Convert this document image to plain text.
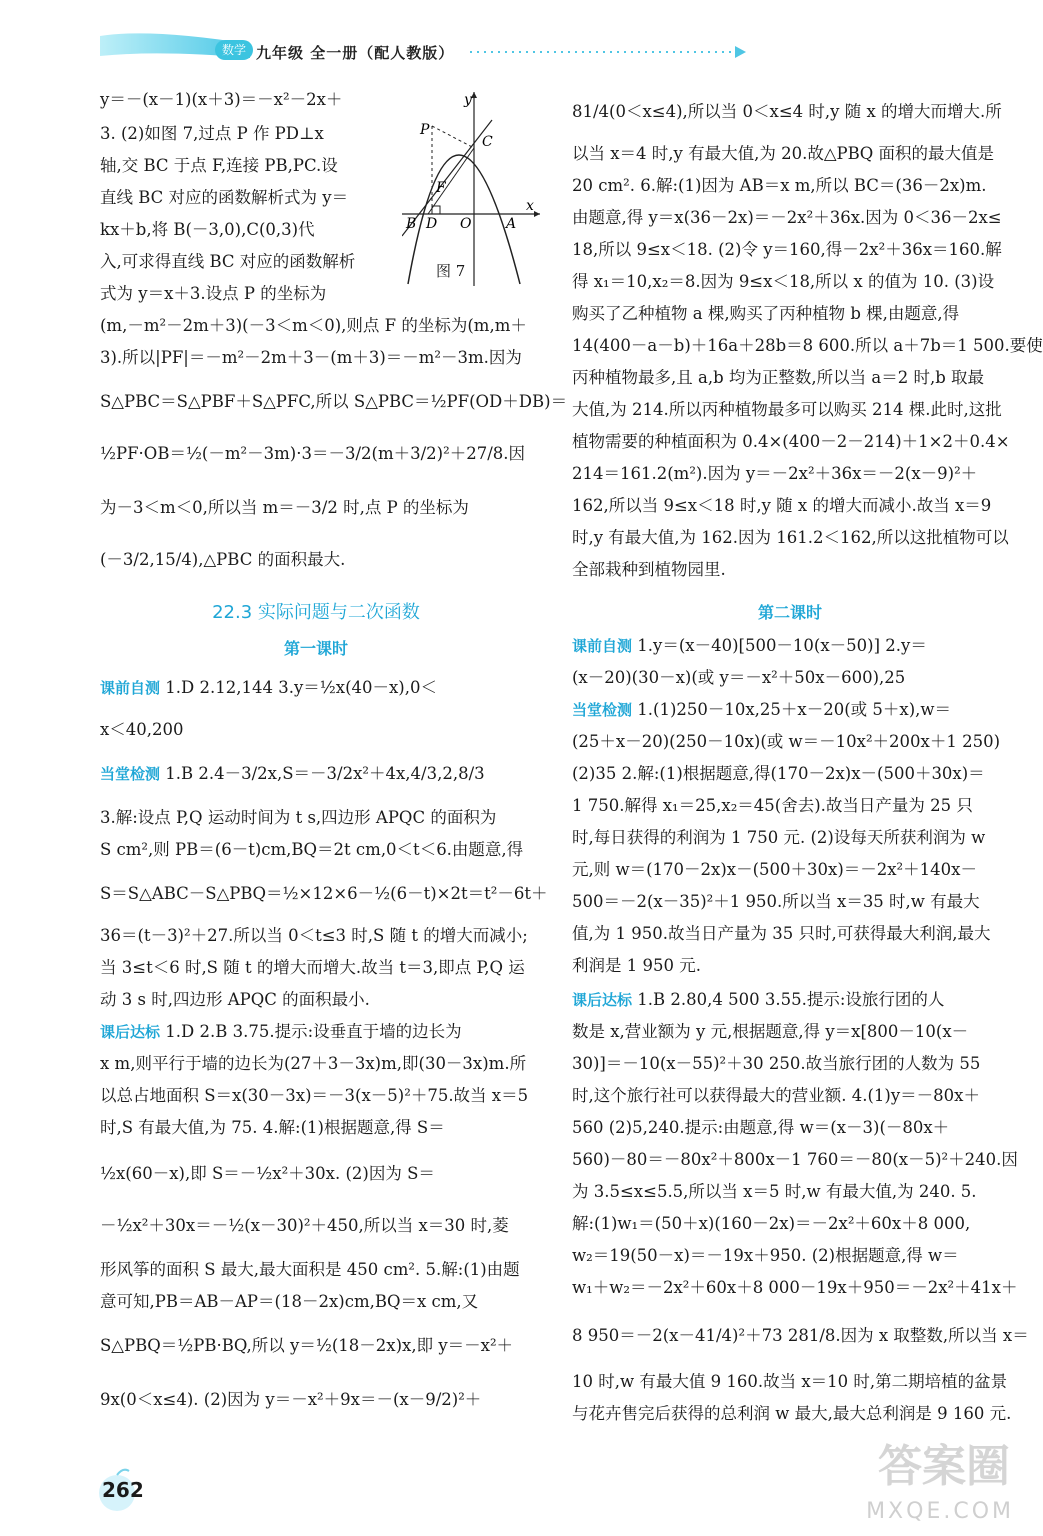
数学 九年级 全一册（配人教版）
y＝－(x－1)(x＋3)＝－x²－2x＋
3. (2)如图 7,过点 P 作 PD⊥x
轴,交 BC 于点 F,连接 PB,PC.设
直线 BC 对应的函数解析式为 y＝
kx＋b,将 B(－3,0),C(0,3)代
入,可求得直线 BC 对应的函数解析
式为 y＝x＋3.设点 P 的坐标为
(m,－m²－2m＋3)(－3＜m＜0),则点 F 的坐标为(m,m＋
3).所以|PF|＝－m²－2m＋3－(m＋3)＝－m²－3m.因为
S△PBC＝S△PBF＋S△PFC,所以 S△PBC＝½PF(OD＋DB)＝
½PF·OB＝½(－m²－3m)·3＝－3/2(m＋3/2)²＋27/8.因
为－3＜m＜0,所以当 m＝－3/2 时,点 P 的坐标为
(－3/2,15/4),△PBC 的面积最大.
22.3 实际问题与二次函数
第一课时
课前自测 1.D 2.12,144 3.y＝½x(40－x),0＜
x＜40,200
当堂检测 1.B 2.4－3/2x,S＝－3/2x²＋4x,4/3,2,8/3
3.解:设点 P,Q 运动时间为 t s,四边形 APQC 的面积为
S cm²,则 PB＝(6－t)cm,BQ＝2t cm,0＜t＜6.由题意,得
S＝S△ABC－S△PBQ＝½×12×6－½(6－t)×2t＝t²－6t＋
36＝(t－3)²＋27.所以当 0＜t≤3 时,S 随 t 的增大而减小;
当 3≤t＜6 时,S 随 t 的增大而增大.故当 t＝3,即点 P,Q 运
动 3 s 时,四边形 APQC 的面积最小.
课后达标 1.D 2.B 3.75.提示:设垂直于墙的边长为
x m,则平行于墙的边长为(27＋3－3x)m,即(30－3x)m.所
以总占地面积 S＝x(30－3x)＝－3(x－5)²＋75.故当 x＝5
时,S 有最大值,为 75. 4.解:(1)根据题意,得 S＝
½x(60－x),即 S＝－½x²＋30x. (2)因为 S＝
－½x²＋30x＝－½(x－30)²＋450,所以当 x＝30 时,菱
形风筝的面积 S 最大,最大面积是 450 cm². 5.解:(1)由题
意可知,PB＝AB－AP＝(18－2x)cm,BQ＝x cm,又
S△PBQ＝½PB·BQ,所以 y＝½(18－2x)x,即 y＝－x²＋
9x(0＜x≤4). (2)因为 y＝－x²＋9x＝－(x－9/2)²＋
y
P
C
F
B D O A
x
图 7
81/4(0＜x≤4),所以当 0＜x≤4 时,y 随 x 的增大而增大.所
以当 x＝4 时,y 有最大值,为 20.故△PBQ 面积的最大值是
20 cm². 6.解:(1)因为 AB＝x m,所以 BC＝(36－2x)m.
由题意,得 y＝x(36－2x)＝－2x²＋36x.因为 0＜36－2x≤
18,所以 9≤x＜18. (2)令 y＝160,得－2x²＋36x＝160.解
得 x₁＝10,x₂＝8.因为 9≤x＜18,所以 x 的值为 10. (3)设
购买了乙种植物 a 棵,购买了丙种植物 b 棵,由题意,得
14(400－a－b)＋16a＋28b＝8 600.所以 a＋7b＝1 500.要使
丙种植物最多,且 a,b 均为正整数,所以当 a＝2 时,b 取最
大值,为 214.所以丙种植物最多可以购买 214 棵.此时,这批
植物需要的种植面积为 0.4×(400－2－214)＋1×2＋0.4×
214＝161.2(m²).因为 y＝－2x²＋36x＝－2(x－9)²＋
162,所以当 9≤x＜18 时,y 随 x 的增大而减小.故当 x＝9
时,y 有最大值,为 162.因为 161.2＜162,所以这批植物可以
全部栽种到植物园里.
第二课时
课前自测 1.y＝(x－40)[500－10(x－50)] 2.y＝
(x－20)(30－x)(或 y＝－x²＋50x－600),25
当堂检测 1.(1)250－10x,25＋x－20(或 5＋x),w＝
(25＋x－20)(250－10x)(或 w＝－10x²＋200x＋1 250)
(2)35 2.解:(1)根据题意,得(170－2x)x－(500＋30x)＝
1 750.解得 x₁＝25,x₂＝45(舍去).故当日产量为 25 只
时,每日获得的利润为 1 750 元. (2)设每天所获利润为 w
元,则 w＝(170－2x)x－(500＋30x)＝－2x²＋140x－
500＝－2(x－35)²＋1 950.所以当 x＝35 时,w 有最大
值,为 1 950.故当日产量为 35 只时,可获得最大利润,最大
利润是 1 950 元.
课后达标 1.B 2.80,4 500 3.55.提示:设旅行团的人
数是 x,营业额为 y 元,根据题意,得 y＝x[800－10(x－
30)]＝－10(x－55)²＋30 250.故当旅行团的人数为 55
时,这个旅行社可以获得最大的营业额. 4.(1)y＝－80x＋
560 (2)5,240.提示:由题意,得 w＝(x－3)(－80x＋
560)－80＝－80x²＋800x－1 760＝－80(x－5)²＋240.因
为 3.5≤x≤5.5,所以当 x＝5 时,w 有最大值,为 240. 5.
解:(1)w₁＝(50＋x)(160－2x)＝－2x²＋60x＋8 000,
w₂＝19(50－x)＝－19x＋950. (2)根据题意,得 w＝
w₁＋w₂＝－2x²＋60x＋8 000－19x＋950＝－2x²＋41x＋
8 950＝－2(x－41/4)²＋73 281/8.因为 x 取整数,所以当 x＝
10 时,w 有最大值 9 160.故当 x＝10 时,第二期培植的盆景
与花卉售完后获得的总利润 w 最大,最大总利润是 9 160 元.
262	答案圈
MXQE.COM
